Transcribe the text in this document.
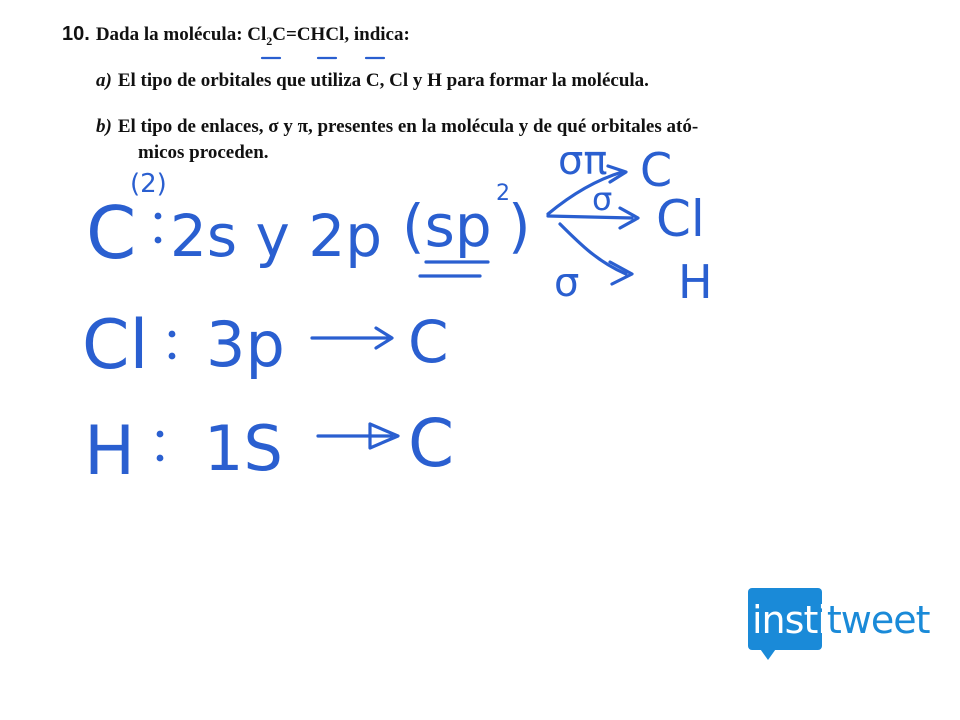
10. Dada la molécula: $Cl_2C=CHCl$, indica:
a) El tipo de orbitales que utiliza C, Cl y H para formar la molécula.
b) El tipo de enlaces, σ y π, presentes en la molécula y de qué orbitales ató-
micos proceden.
(2)
C 2s y 2p (sp 2
)
σπ C
σ Cl
σ H
Cl 3p C
H 1S C
institweet
